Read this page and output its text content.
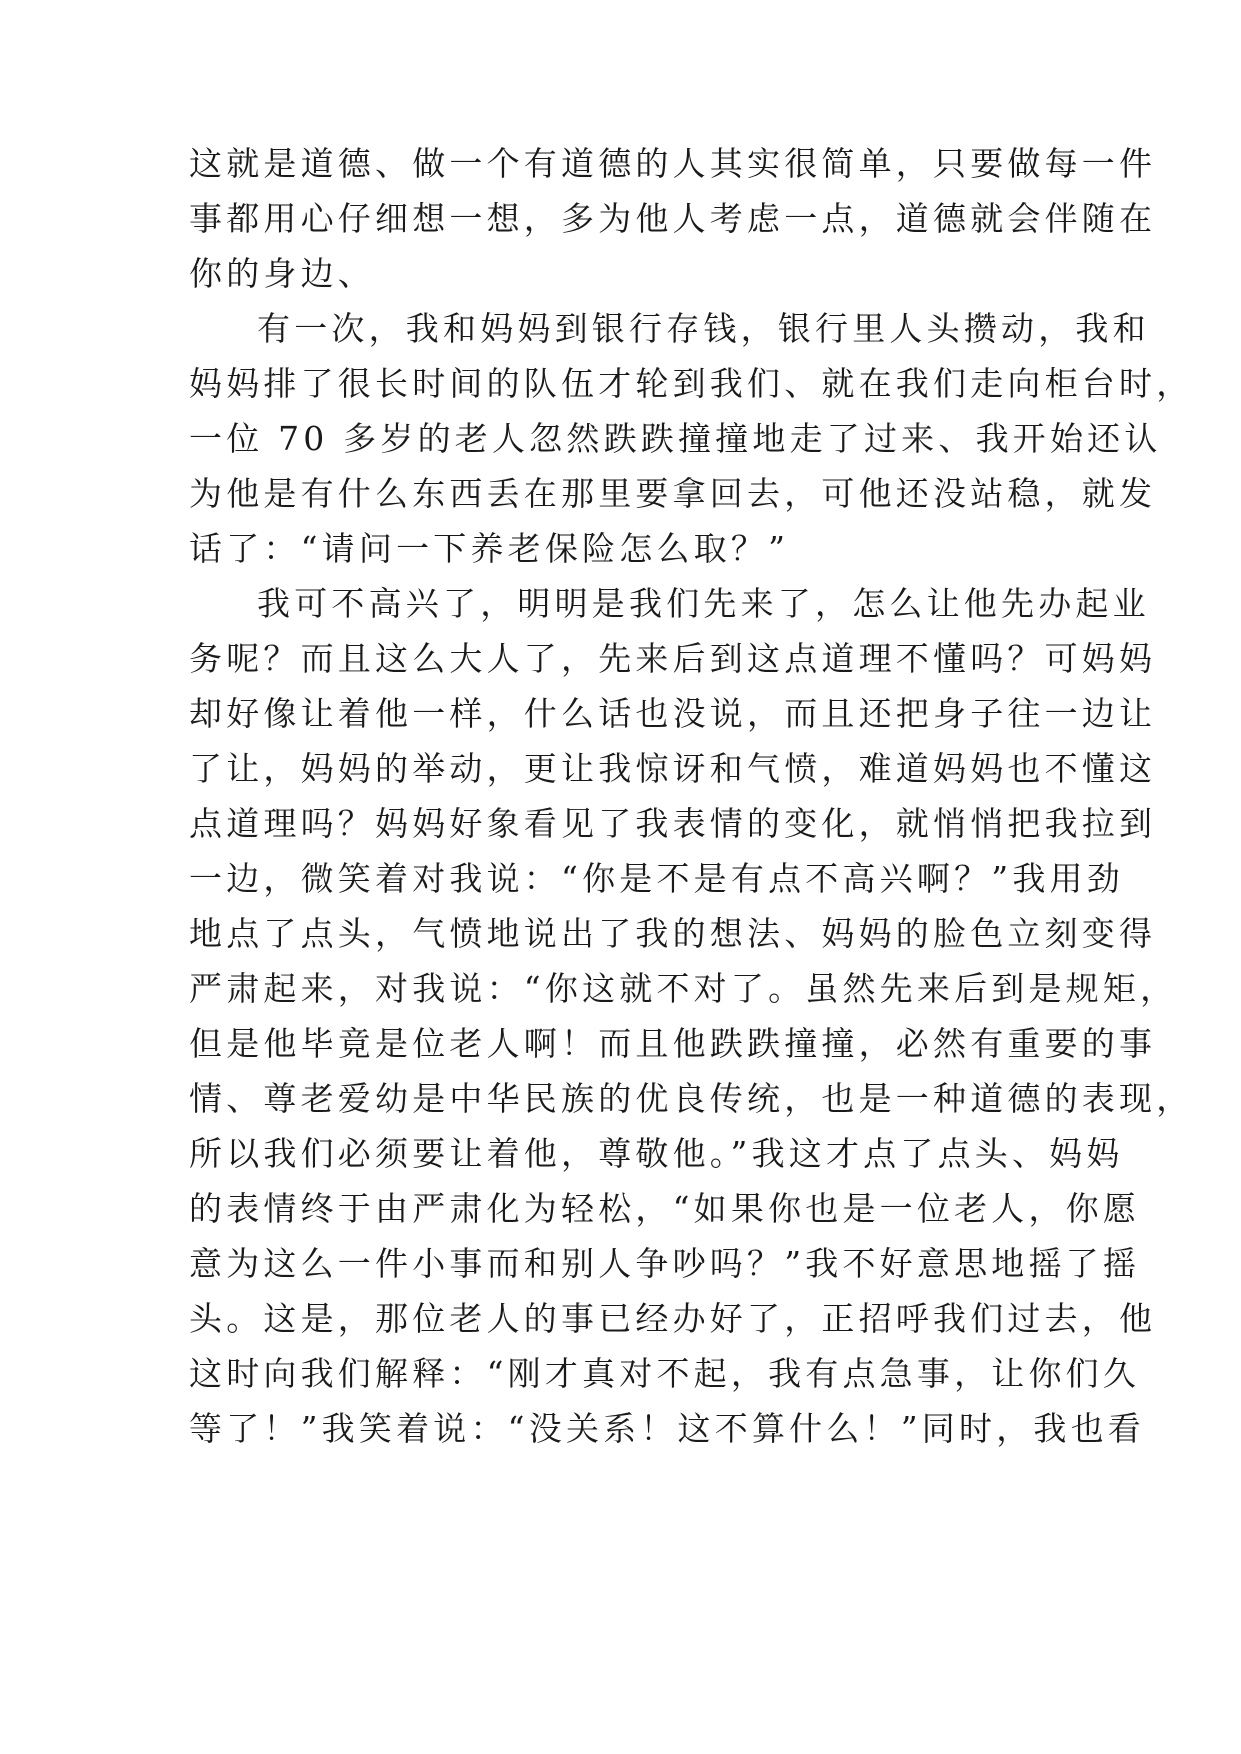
这就是道德、做一个有道德的人其实很简单，只要做每一件
事都用心仔细想一想，多为他人考虑一点，道德就会伴随在
你的身边、
有一次，我和妈妈到银行存钱，银行里人头攒动，我和
妈妈排了很长时间的队伍才轮到我们、就在我们走向柜台时，
一位 70 多岁的老人忽然跌跌撞撞地走了过来、我开始还认
为他是有什么东西丢在那里要拿回去，可他还没站稳，就发
话了：“请问一下养老保险怎么取？”
我可不高兴了，明明是我们先来了，怎么让他先办起业
务呢？而且这么大人了，先来后到这点道理不懂吗？可妈妈
却好像让着他一样，什么话也没说，而且还把身子往一边让
了让，妈妈的举动，更让我惊讶和气愤，难道妈妈也不懂这
点道理吗？妈妈好象看见了我表情的变化，就悄悄把我拉到
一边，微笑着对我说：“你是不是有点不高兴啊？”我用劲
地点了点头，气愤地说出了我的想法、妈妈的脸色立刻变得
严肃起来，对我说：“你这就不对了。虽然先来后到是规矩，
但是他毕竟是位老人啊！而且他跌跌撞撞，必然有重要的事
情、尊老爱幼是中华民族的优良传统，也是一种道德的表现，
所以我们必须要让着他，尊敬他。”我这才点了点头、妈妈
的表情终于由严肃化为轻松，“如果你也是一位老人，你愿
意为这么一件小事而和别人争吵吗？”我不好意思地摇了摇
头。这是，那位老人的事已经办好了，正招呼我们过去，他
这时向我们解释：“刚才真对不起，我有点急事，让你们久
等了！”我笑着说：“没关系！这不算什么！”同时，我也看
